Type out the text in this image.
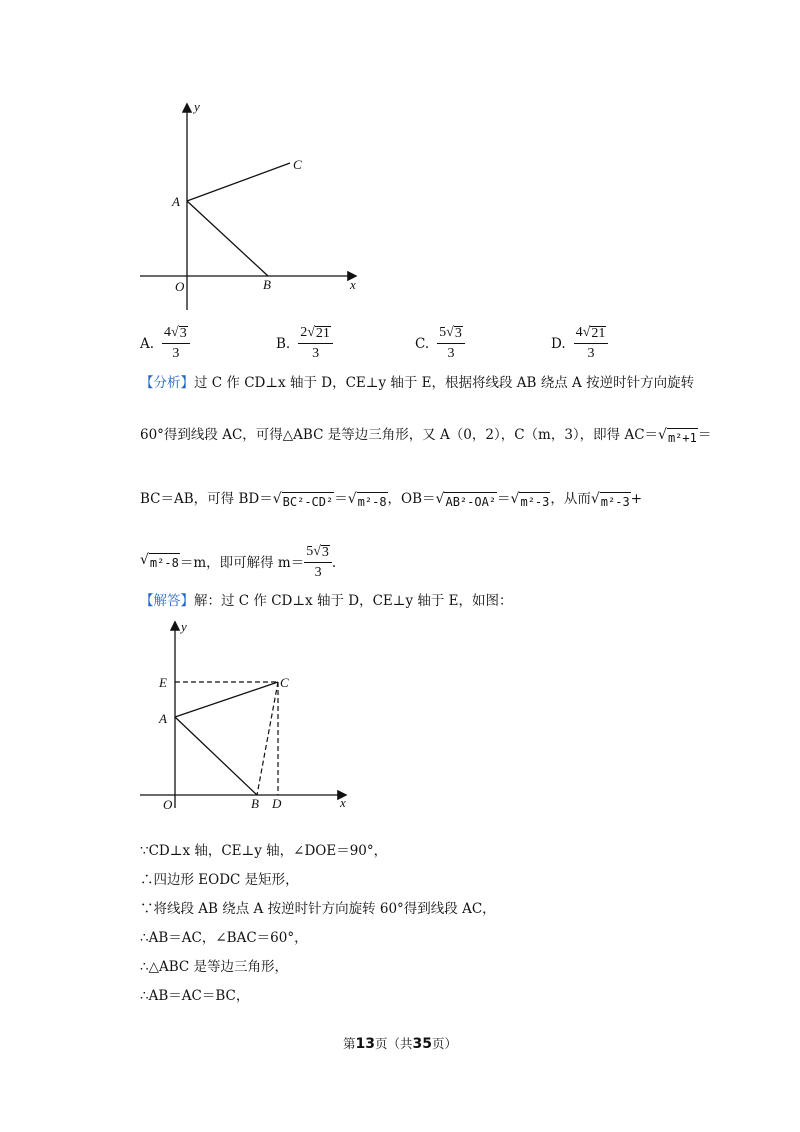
y
C
A
O	B	x
A. $\frac{4 √ 3}{3}$	B. $\frac{2 √ 21}{3}$	C. $\frac{5 √ 3}{3}$	D. $\frac{4 √ 21}{3}$
【分析】过 C 作 CD⊥x 轴于 D，CE⊥y 轴于 E，根据将线段 AB 绕点 A 按逆时针方向旋转
60°得到线段 AC，可得△ABC 是等边三角形，又 A（0，2），C（m，3），即得 AC＝ √ m²+1 ＝
BC＝AB，可得 BD＝ √ BC²-CD² ＝ √ m²-8 ，OB＝ √ AB²-OA² ＝ √ m²-3 ，从而 √ m²-3 +
√ m²-8 ＝m，即可解得 $m= \frac{5 √ 3}{3}$ .
【解答】解：过 C 作 CD⊥x 轴于 D，CE⊥y 轴于 E，如图：
y
E	C
A
O	B D	x
∵CD⊥x 轴，CE⊥y 轴，∠DOE＝90°，
∴四边形 EODC 是矩形，
∵将线段 AB 绕点 A 按逆时针方向旋转 60°得到线段 AC，
∴AB＝AC，∠BAC＝60°，
∴△ABC 是等边三角形，
∴AB＝AC＝BC，
第13页（共35页）
